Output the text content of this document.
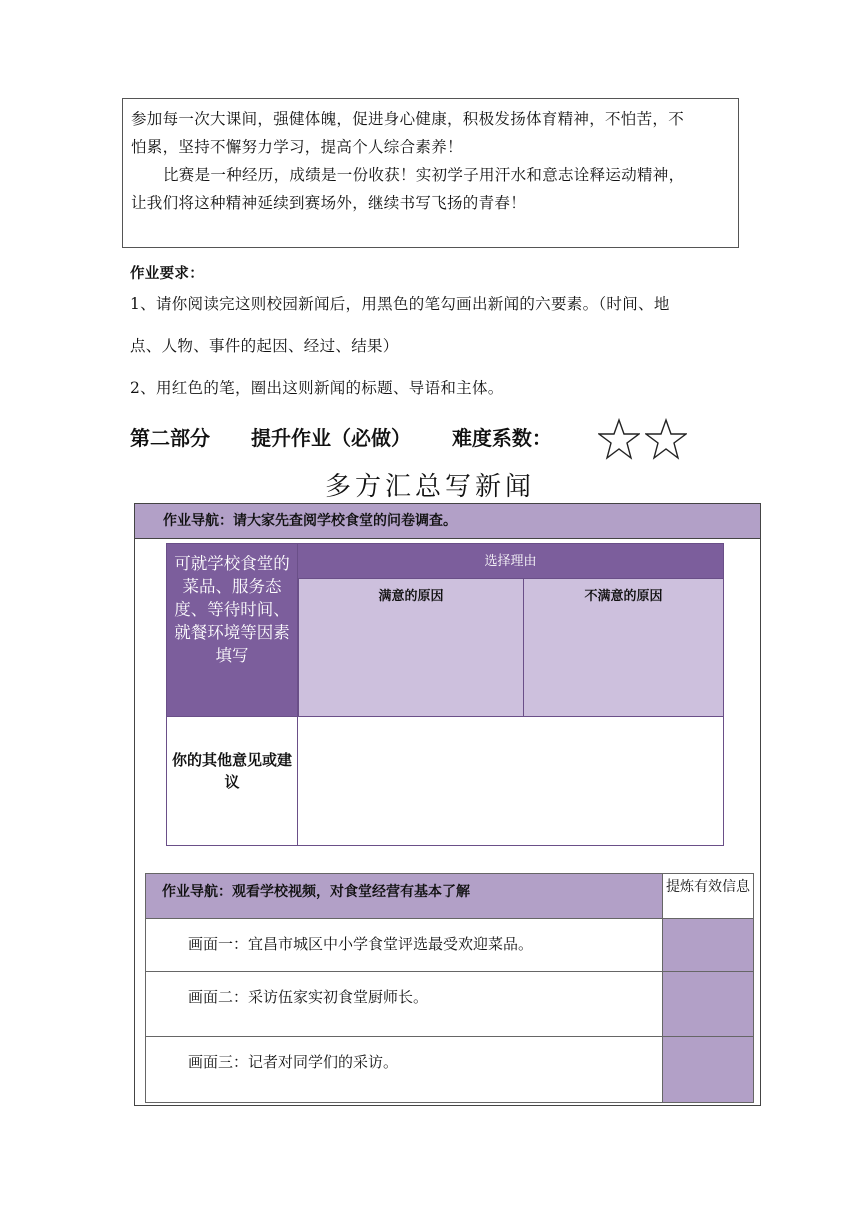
参加每一次大课间，强健体魄，促进身心健康，积极发扬体育精神，不怕苦，不

怕累，坚持不懈努力学习，提高个人综合素养！

比赛是一种经历，成绩是一份收获！实初学子用汗水和意志诠释运动精神，

让我们将这种精神延续到赛场外，继续书写飞扬的青春！

作业要求：
1、请你阅读完这则校园新闻后，用黑色的笔勾画出新闻的六要素。（时间、地
点、人物、事件的起因、经过、结果）
2、用红色的笔，圈出这则新闻的标题、导语和主体。
第二部分 提升作业（必做） 难度系数：
多方汇总写新闻
作业导航：请大家先查阅学校食堂的问卷调查。
可就学校食堂的菜品、服务态度、等待时间、就餐环境等因素填写
选择理由
满意的原因	不满意的原因
你的其他意见或建议
作业导航：观看学校视频，对食堂经营有基本了解	提炼有效信息
画面一：宜昌市城区中小学食堂评选最受欢迎菜品。
画面二：采访伍家实初食堂厨师长。
画面三：记者对同学们的采访。
